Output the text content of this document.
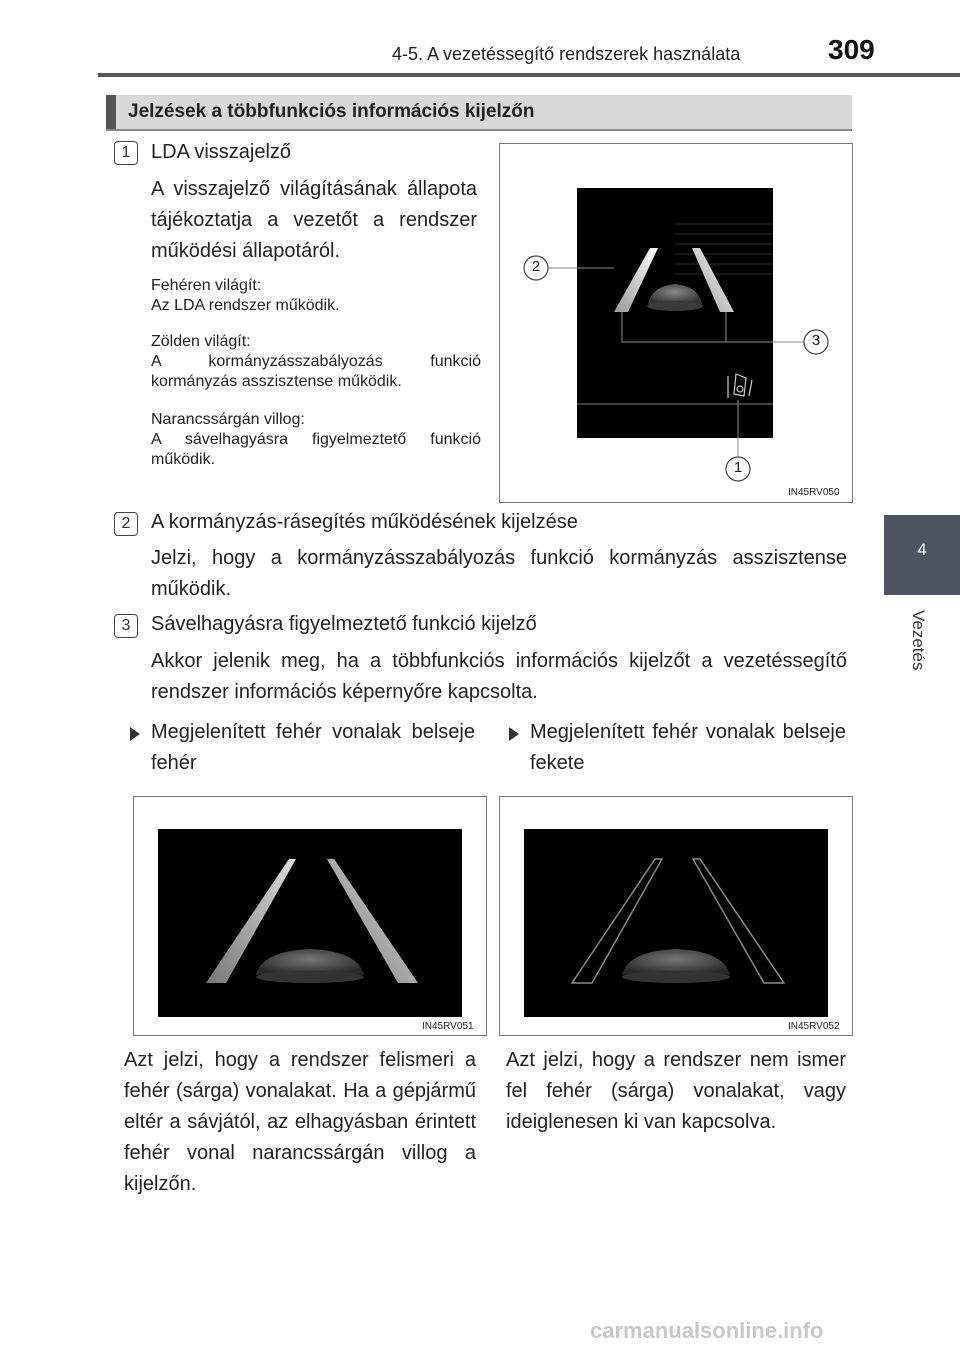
4-5. A vezetéssegítő rendszerek használata	309
4
Vezetés
Jelzések a többfunkciós információs kijelzőn
1	LDA visszajelző
A visszajelző világításának állapota tájékoztatja a vezetőt a rendszer működési állapotáról.
Fehéren világít:
Az LDA rendszer működik.
Zölden világít:
A kormányzásszabályozás funkció kormányzás asszisztense működik.
Narancssárgán villog:
A sávelhagyásra figyelmeztető funkció működik.
2
3
1
IN45RV050
2	A kormányzás-rásegítés működésének kijelzése
Jelzi, hogy a kormányzásszabályozás funkció kormányzás asszisztense működik.
3	Sávelhagyásra figyelmeztető funkció kijelző
Akkor jelenik meg, ha a többfunkciós információs kijelzőt a vezetéssegítő rendszer információs képernyőre kapcsolta.
Megjelenített fehér vonalak belseje fehér
Megjelenített fehér vonalak belseje fekete
IN45RV051	IN45RV052
Azt jelzi, hogy a rendszer felismeri a fehér (sárga) vonalakat. Ha a gépjármű eltér a sávjától, az elhagyásban érintett fehér vonal narancssárgán villog a kijelzőn.
Azt jelzi, hogy a rendszer nem ismer fel fehér (sárga) vonalakat, vagy ideiglenesen ki van kapcsolva.
carmanualsonline.info
